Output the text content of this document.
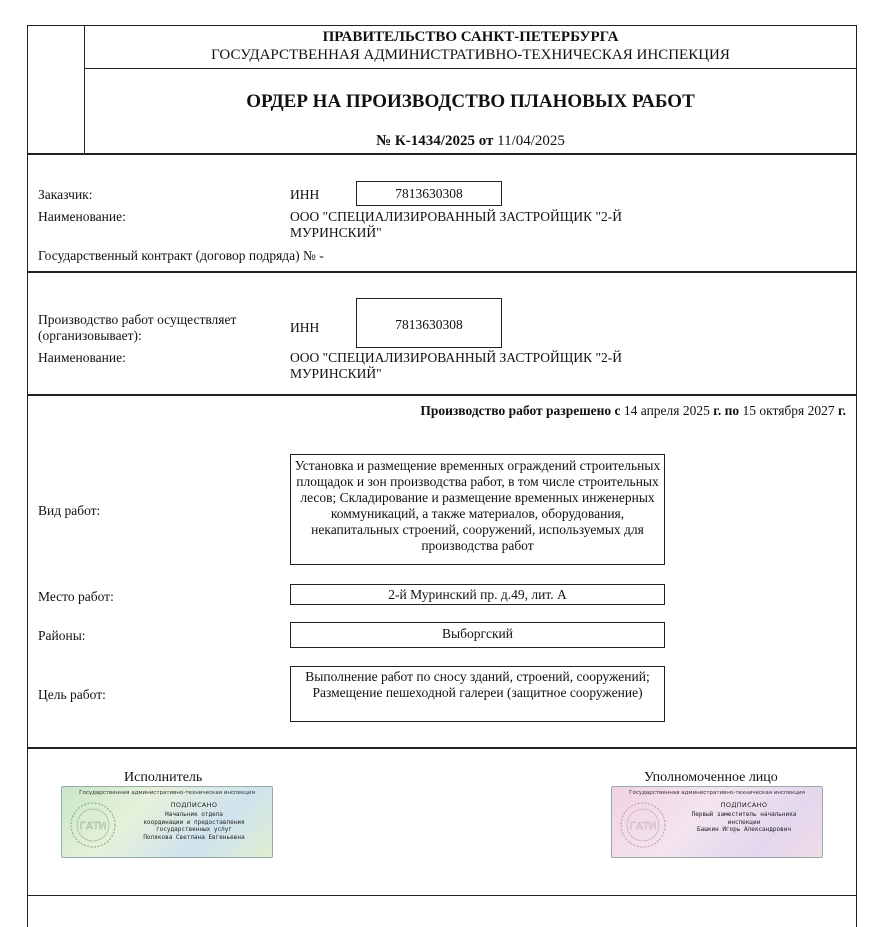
ПРАВИТЕЛЬСТВО САНКТ-ПЕТЕРБУРГА
ГОСУДАРСТВЕННАЯ АДМИНИСТРАТИВНО-ТЕХНИЧЕСКАЯ ИНСПЕКЦИЯ
ОРДЕР НА ПРОИЗВОДСТВО ПЛАНОВЫХ РАБОТ
№ К-1434/2025 от 11/04/2025
Заказчик:	ИНН	7813630308
Наименование:	ООО "СПЕЦИАЛИЗИРОВАННЫЙ ЗАСТРОЙЩИК "2-Й МУРИНСКИЙ"
Государственный контракт (договор подряда) № -
Производство работ осуществляет
(организовывает):
ИНН	7813630308
Наименование:	ООО "СПЕЦИАЛИЗИРОВАННЫЙ ЗАСТРОЙЩИК "2-Й МУРИНСКИЙ"
Производство работ разрешено с 14 апреля 2025 г. по 15 октября 2027 г.
Вид работ:
Установка и размещение временных ограждений строительных площадок и зон производства работ, в том числе строительных лесов; Складирование и размещение временных инженерных коммуникаций, а также материалов, оборудования, некапитальных строений, сооружений, используемых для производства работ
Место работ:	2-й Муринский пр. д.49, лит. А
Районы:	Выборгский
Цель работ:
Выполнение работ по сносу зданий, строений, сооружений; Размещение пешеходной галереи (защитное сооружение)
Исполнитель	Уполномоченное лицо
Государственная административно-техническая инспекция
ГАТИ
ПОДПИСАНО
Начальник отдела
координации и предоставления
государственных услуг
Полякова Светлана Евгеньевна
Государственная административно-техническая инспекция
ГАТИ
ПОДПИСАНО
Первый заместитель начальника
инспекции
Башкин Игорь Александрович
